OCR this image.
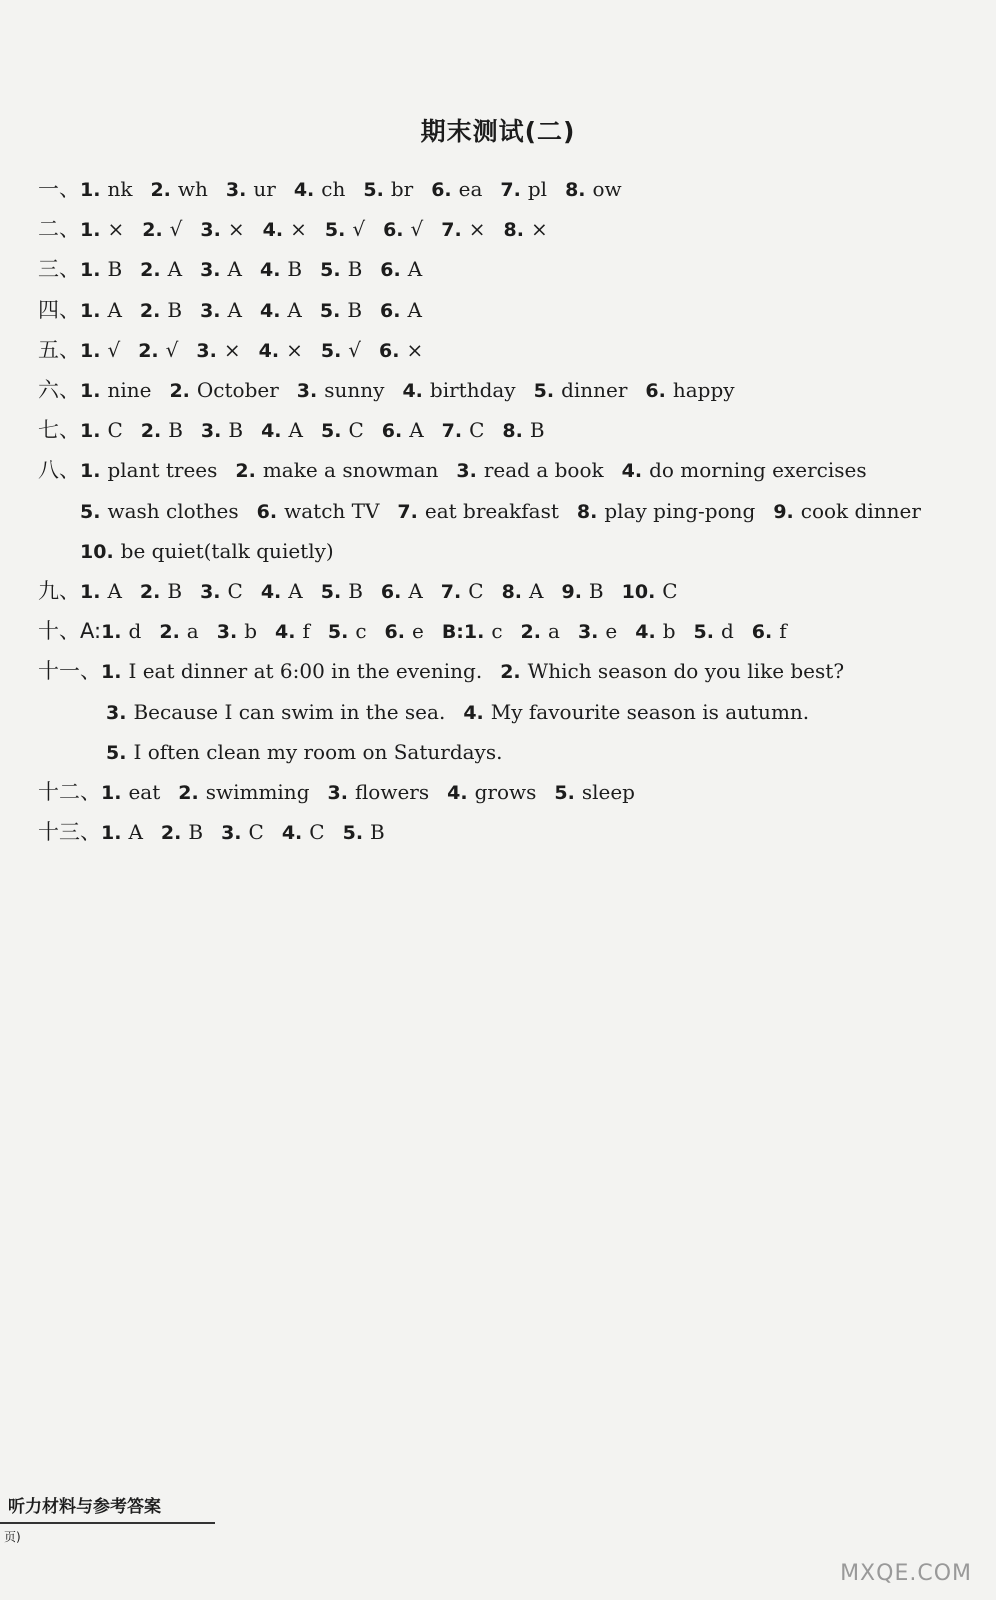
期末测试(二)
一、1. nk 2. wh 3. ur 4. ch 5. br 6. ea 7. pl 8. ow
二、1. × 2. √ 3. × 4. × 5. √ 6. √ 7. × 8. ×
三、1. B 2. A 3. A 4. B 5. B 6. A
四、1. A 2. B 3. A 4. A 5. B 6. A
五、1. √ 2. √ 3. × 4. × 5. √ 6. ×
六、1. nine 2. October 3. sunny 4. birthday 5. dinner 6. happy
七、1. C 2. B 3. B 4. A 5. C 6. A 7. C 8. B
八、1. plant trees 2. make a snowman 3. read a book 4. do morning exercises
5. wash clothes 6. watch TV 7. eat breakfast 8. play ping-pong 9. cook dinner
10. be quiet(talk quietly)
九、1. A 2. B 3. C 4. A 5. B 6. A 7. C 8. A 9. B 10. C
十、A:1. d 2. a 3. b 4. f 5. c 6. e B:1. c 2. a 3. e 4. b 5. d 6. f
十一、1. I eat dinner at 6:00 in the evening. 2. Which season do you like best?
3. Because I can swim in the sea. 4. My favourite season is autumn.
5. I often clean my room on Saturdays.
十二、1. eat 2. swimming 3. flowers 4. grows 5. sleep
十三、1. A 2. B 3. C 4. C 5. B
听力材料与参考答案
页)
MXQE.COM
